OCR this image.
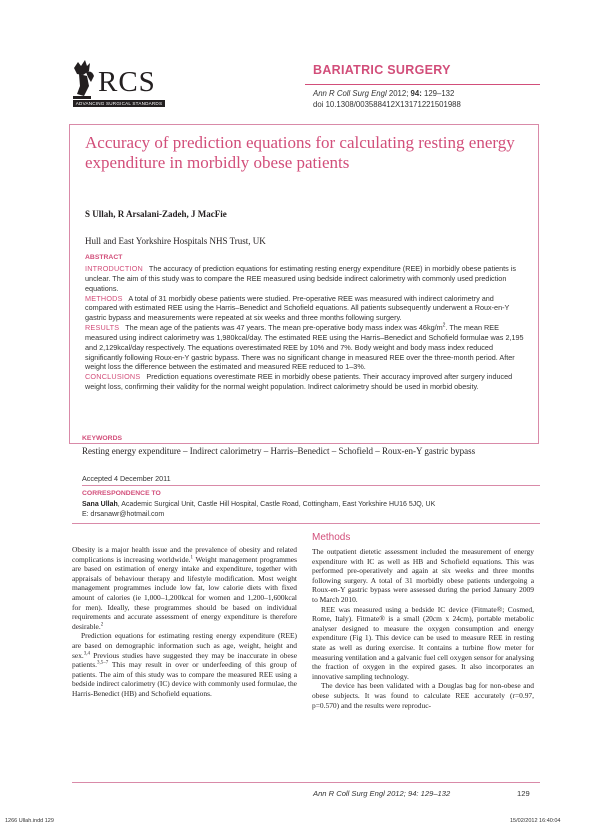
RCS
ADVANCING SURGICAL STANDARDS
BARIATRIC SURGERY
Ann R Coll Surg Engl 2012; 94: 129–132
doi 10.1308/003588412X13171221501988
Accuracy of prediction equations for calculating resting energy expenditure in morbidly obese patients
S Ullah, R Arsalani-Zadeh, J MacFie
Hull and East Yorkshire Hospitals NHS Trust, UK
ABSTRACT
INTRODUCTION The accuracy of prediction equations for estimating resting energy expenditure (REE) in morbidly obese patients is unclear. The aim of this study was to compare the REE measured using bedside indirect calorimetry with commonly used prediction equations.
METHODS A total of 31 morbidly obese patients were studied. Pre-operative REE was measured with indirect calorimetry and compared with estimated REE using the Harris–Benedict and Schofield equations. All patients subsequently underwent a Roux-en-Y gastric bypass and measurements were repeated at six weeks and three months following surgery.
RESULTS The mean age of the patients was 47 years. The mean pre-operative body mass index was $46kg/m^2$. The mean REE measured using indirect calorimetry was 1,980kcal/day. The estimated REE using the Harris–Benedict and Schofield formulae was 2,195 and 2,129kcal/day respectively. The equations overestimated REE by 10% and 7%. Body weight and body mass index reduced significantly following Roux-en-Y gastric bypass. There was no significant change in measured REE over the three-month period. After weight loss the difference between the estimated and measured REE reduced to 1–3%.
CONCLUSIONS Prediction equations overestimate REE in morbidly obese patients. Their accuracy improved after surgery induced weight loss, confirming their validity for the normal weight population. Indirect calorimetry should be used in morbid obesity.
KEYWORDS
Resting energy expenditure – Indirect calorimetry – Harris–Benedict – Schofield – Roux-en-Y gastric bypass
Accepted 4 December 2011
CORRESPONDENCE TO
Sana Ullah, Academic Surgical Unit, Castle Hill Hospital, Castle Road, Cottingham, East Yorkshire HU16 5JQ, UK
E: drsanawr@hotmail.com

Obesity is a major health issue and the prevalence of obesity and related complications is increasing worldwide.$^1$ Weight management programmes are based on estimation of energy intake and expenditure, together with appraisals of behaviour therapy and lifestyle modification. Most weight management programmes include low fat, low calorie diets with fixed amount of calories (ie 1,000–1,200kcal for women and 1,200–1,600kcal for men). Ideally, these programmes should be based on individual requirements and accurate assessment of energy expenditure is therefore desirable.$^2$

Prediction equations for estimating resting energy expenditure (REE) are based on demographic information such as age, weight, height and sex.$^{3,4}$ Previous studies have suggested they may be inaccurate in obese patients.$^{3,5-7}$ This may result in over or underfeeding of this group of patients. The aim of this study was to compare the measured REE using a bedside indirect calorimetry (IC) device with commonly used formulae, the Harris-Benedict (HB) and Schofield equations.

Methods

The outpatient dietetic assessment included the measurement of energy expenditure with IC as well as HB and Schofield equations. This was performed pre-operatively and again at six weeks and three months following surgery. A total of 31 morbidly obese patients undergoing a Roux-en-Y gastric bypass were assessed during the period January 2009 to March 2010.

REE was measured using a bedside IC device (Fitmate®; Cosmed, Rome, Italy). Fitmate® is a small (20cm x 24cm), portable metabolic analyser designed to measure the oxygen consumption and energy expenditure (Fig 1). This device can be used to measure REE in resting state as well as during exercise. It contains a turbine flow meter for measuring ventilation and a galvanic fuel cell oxygen sensor for analysing the fraction of oxygen in the expired gases. It also incorporates an innovative sampling technology.

The device has been validated with a Douglas bag for non-obese and obese subjects. It was found to calculate REE accurately (r=0.97, p=0.570) and the results were reproduc-

Ann R Coll Surg Engl 2012; 94: 129–132	129
1266 Ullah.indd 129	15/02/2012 16:40:04
